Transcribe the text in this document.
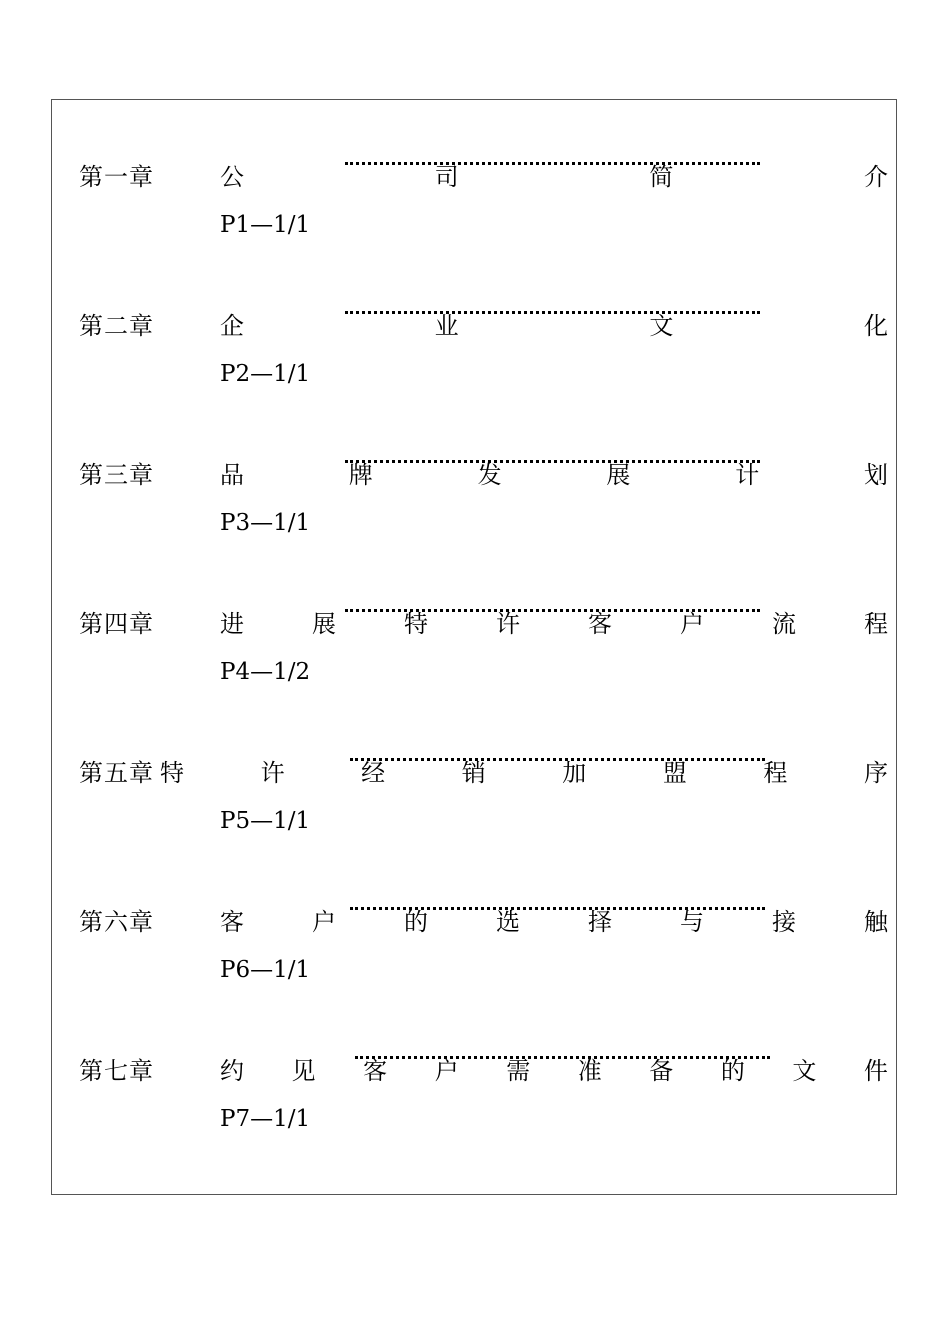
第一章	公	司	简	介
P1—1/1
第二章	企	业	文	化
P2—1/1
第三章	品	牌	发	展	计	划
P3—1/1
第四章	进	展	特	许	客	户	流	程
P4—1/2
第五章 特	许	经	销	加	盟	程	序
P5—1/1
第六章	客	户	的	选	择	与	接	触
P6—1/1
第七章	约 见 客 户 需 准 备 的 文 件
P7—1/1
